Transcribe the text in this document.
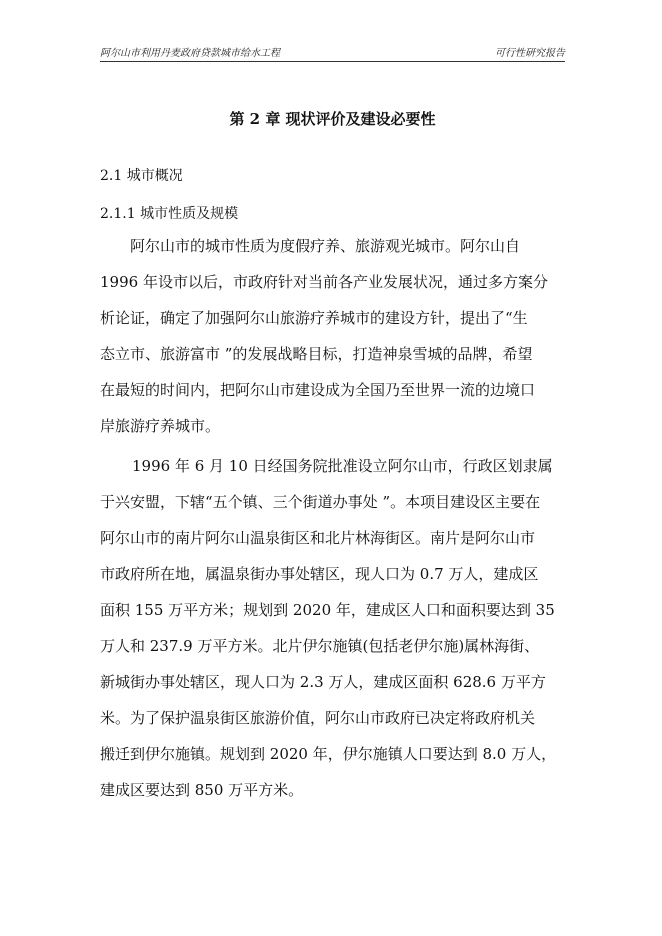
阿尔山市利用丹麦政府贷款城市给水工程	可行性研究报告
第 2 章 现状评价及建设必要性
2.1 城市概况
2.1.1 城市性质及规模
阿尔山市的城市性质为度假疗养、旅游观光城市。阿尔山自
1996 年设市以后，市政府针对当前各产业发展状况，通过多方案分
析论证，确定了加强阿尔山旅游疗养城市的建设方针，提出了“生
态立市、旅游富市 ”的发展战略目标，打造神泉雪城的品牌，希望
在最短的时间内，把阿尔山市建设成为全国乃至世界一流的边境口
岸旅游疗养城市。
1996 年 6 月 10 日经国务院批准设立阿尔山市，行政区划隶属
于兴安盟，下辖“五个镇、三个街道办事处 ”。本项目建设区主要在
阿尔山市的南片阿尔山温泉街区和北片林海街区。南片是阿尔山市
市政府所在地，属温泉街办事处辖区，现人口为 0.7 万人，建成区
面积 155 万平方米；规划到 2020 年，建成区人口和面积要达到 35
万人和 237.9 万平方米。北片伊尔施镇(包括老伊尔施)属林海街、
新城街办事处辖区，现人口为 2.3 万人，建成区面积 628.6 万平方
米。为了保护温泉街区旅游价值，阿尔山市政府已决定将政府机关
搬迁到伊尔施镇。规划到 2020 年，伊尔施镇人口要达到 8.0 万人，
建成区要达到 850 万平方米。
